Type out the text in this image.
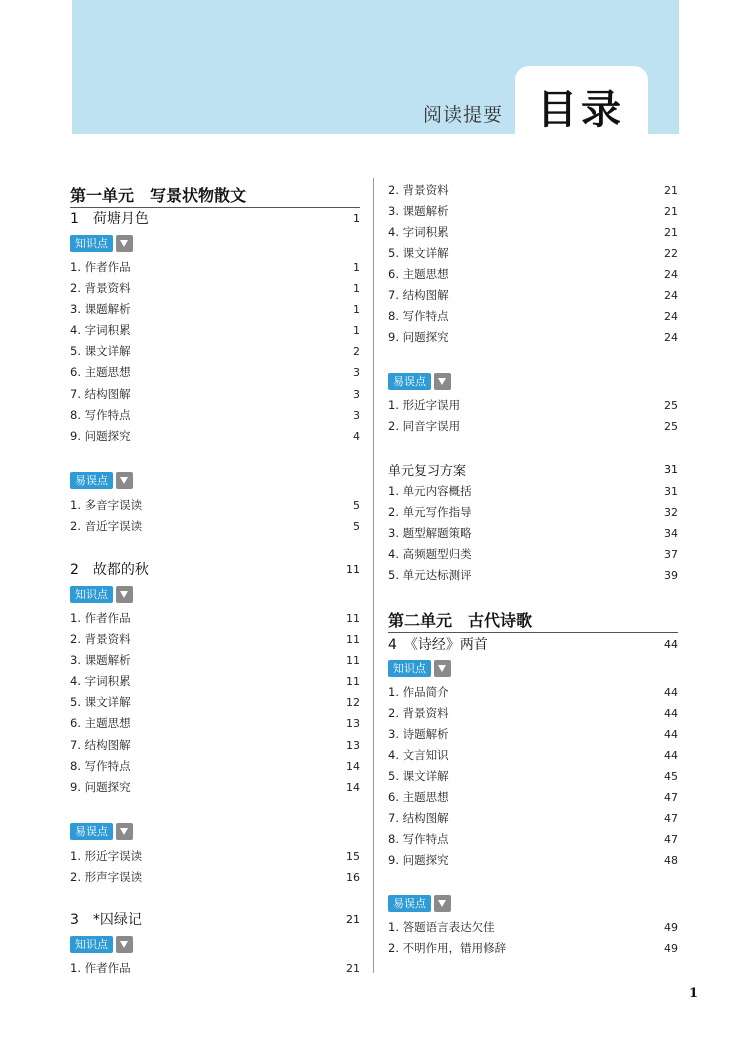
阅读提要 目录
第一单元　写景状物散文
1　荷塘月色	1
知识点
1. 作者作品	1
2. 背景资料	1
3. 课题解析	1
4. 字词积累	1
5. 课文详解	2
6. 主题思想	3
7. 结构图解	3
8. 写作特点	3
9. 问题探究	4
易误点
1. 多音字误读	5
2. 音近字误读	5
2　故都的秋	11
知识点
1. 作者作品	11
2. 背景资料	11
3. 课题解析	11
4. 字词积累	11
5. 课文详解	12
6. 主题思想	13
7. 结构图解	13
8. 写作特点	14
9. 问题探究	14
易误点
1. 形近字误读	15
2. 形声字误读	16
3　*囚绿记	21
知识点
1. 作者作品	21
2. 背景资料	21
3. 课题解析	21
4. 字词积累	21
5. 课文详解	22
6. 主题思想	24
7. 结构图解	24
8. 写作特点	24
9. 问题探究	24
易误点
1. 形近字误用	25
2. 同音字误用	25
单元复习方案	31
1. 单元内容概括	31
2. 单元写作指导	32
3. 题型解题策略	34
4. 高频题型归类	37
5. 单元达标测评	39
第二单元　古代诗歌
4　《诗经》两首	44
知识点
1. 作品简介	44
2. 背景资料	44
3. 诗题解析	44
4. 文言知识	44
5. 课文详解	45
6. 主题思想	47
7. 结构图解	47
8. 写作特点	47
9. 问题探究	48
易误点
1. 答题语言表达欠佳	49
2. 不明作用，错用修辞	49
1
